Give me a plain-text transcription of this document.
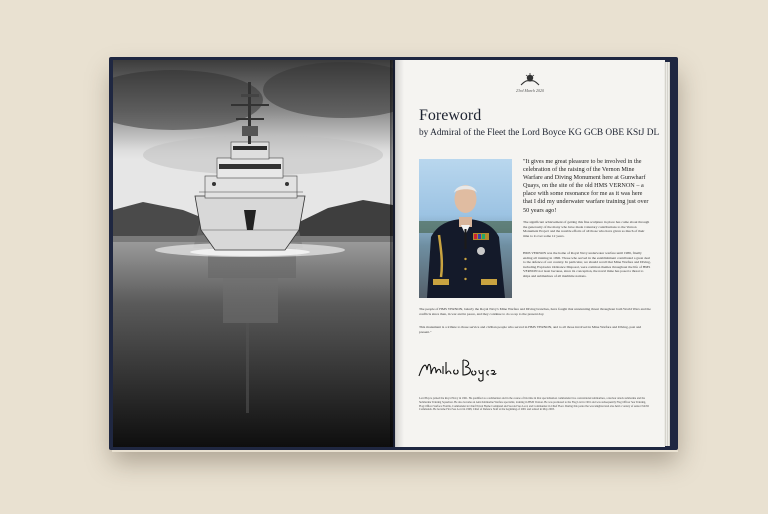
23rd March 2020
Foreword
by Admiral of the Fleet the Lord Boyce KG GCB OBE KStJ DL
"It gives me great pleasure to be involved in the celebration of the raising of the Vernon Mine Warfare and Diving Monument here at Gunwharf Quays, on the site of the old HMS VERNON – a place with some resonance for me as it was here that I did my underwater warfare training just over 50 years ago!
The significant achievement of getting this fine sculpture in place has come about through the generosity of the many who have made voluntary contributions to the Vernon Monument Project and the notable efforts of all those who have given so much of their time to it over some 12 years.
HMS VERNON was the home of Royal Navy underwater warfare until 1986, finally ending all training in 1996. Those who served in the establishment contributed a great deal to the defence of our country. In particular, we should recall that Mine Warfare and Diving, including Explosive Ordnance Disposal, were common themes throughout the life of HMS VERNON not least because, since its conception, the naval mine has posed a threat to ships and submarines of all maritime nations.
The people of HMS VERNON, latterly the Royal Navy's Mine Warfare and Diving branches, have fought that unrelenting threat throughout both World Wars and the conflicts since then, in war and in peace, and they continue to do so up to the present day.
This monument is a tribute to those service and civilian people who served in HMS VERNON, and to all those involved in Mine Warfare and Diving, past and present."
Lord Boyce joined the Royal Navy in 1961. He qualified as a submariner and in the course of his time in that specialisation commanded two conventional submarines, a nuclear attack submarine and the Submarine Training Squadron. He also became an Anti-Submarine Warfare specialist, training in HMS Vernon. He was promoted to the Flag List in 1991 and was subsequently Flag Officer Sea Training, Flag Officer Surface Flotilla, Commander in Chief Naval Home Command and Second Sea Lord, and Commander in Chief Fleet. During this period he was knighted and also held a variety of senior NATO Commands. He became First Sea Lord in 1998, Chief of Defence Staff at the beginning of 2001 and retired in May 2003.
